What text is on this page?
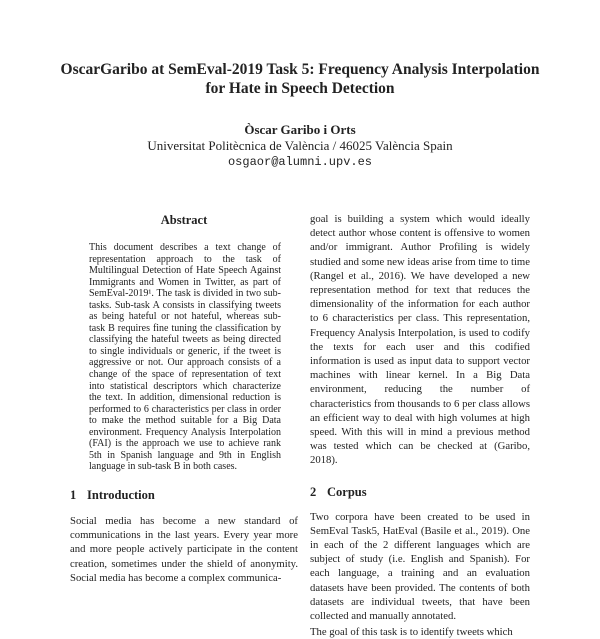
OscarGaribo at SemEval-2019 Task 5: Frequency Analysis Interpolation
for Hate in Speech Detection
Òscar Garibo i Orts
Universitat Politècnica de València / 46025 València Spain
osgaor@alumni.upv.es
Abstract

This document describes a text change of representation approach to the task of Multilingual Detection of Hate Speech Against Immigrants and Women in Twitter, as part of SemEval-2019¹. The task is divided in two sub-tasks. Sub-task A consists in classifying tweets as being hateful or not hateful, whereas sub-task B requires fine tuning the classification by classifying the hateful tweets as being directed to single individuals or generic, if the tweet is aggressive or not. Our approach consists of a change of the space of representation of text into statistical descriptors which characterize the text. In addition, dimensional reduction is performed to 6 characteristics per class in order to make the method suitable for a Big Data environment. Frequency Analysis Interpolation (FAI) is the approach we use to achieve rank 5th in Spanish language and 9th in English language in sub-task B in both cases.

1 Introduction

Social media has become a new standard of communications in the last years. Every year more and more people actively participate in the content creation, sometimes under the shield of anonymity. Social media has become a complex communica-

goal is building a system which would ideally detect author whose content is offensive to women and/or immigrant. Author Profiling is widely studied and some new ideas arise from time to time (Rangel et al., 2016). We have developed a new representation method for text that reduces the dimensionality of the information for each author to 6 characteristics per class. This representation, Frequency Analysis Interpolation, is used to codify the texts for each user and this codified information is used as input data to support vector machines with linear kernel. In a Big Data environment, reducing the number of characteristics from thousands to 6 per class allows an efficient way to deal with high volumes at high speed. With this will in mind a previous method was tested which can be checked at (Garibo, 2018).

2 Corpus

Two corpora have been created to be used in SemEval Task5, HatEval (Basile et al., 2019). One in each of the 2 different languages which are subject of study (i.e. English and Spanish). For each language, a training and an evaluation datasets have been provided. The contents of both datasets are individual tweets, that have been collected and manually annotated.

The goal of this task is to identify tweets which
